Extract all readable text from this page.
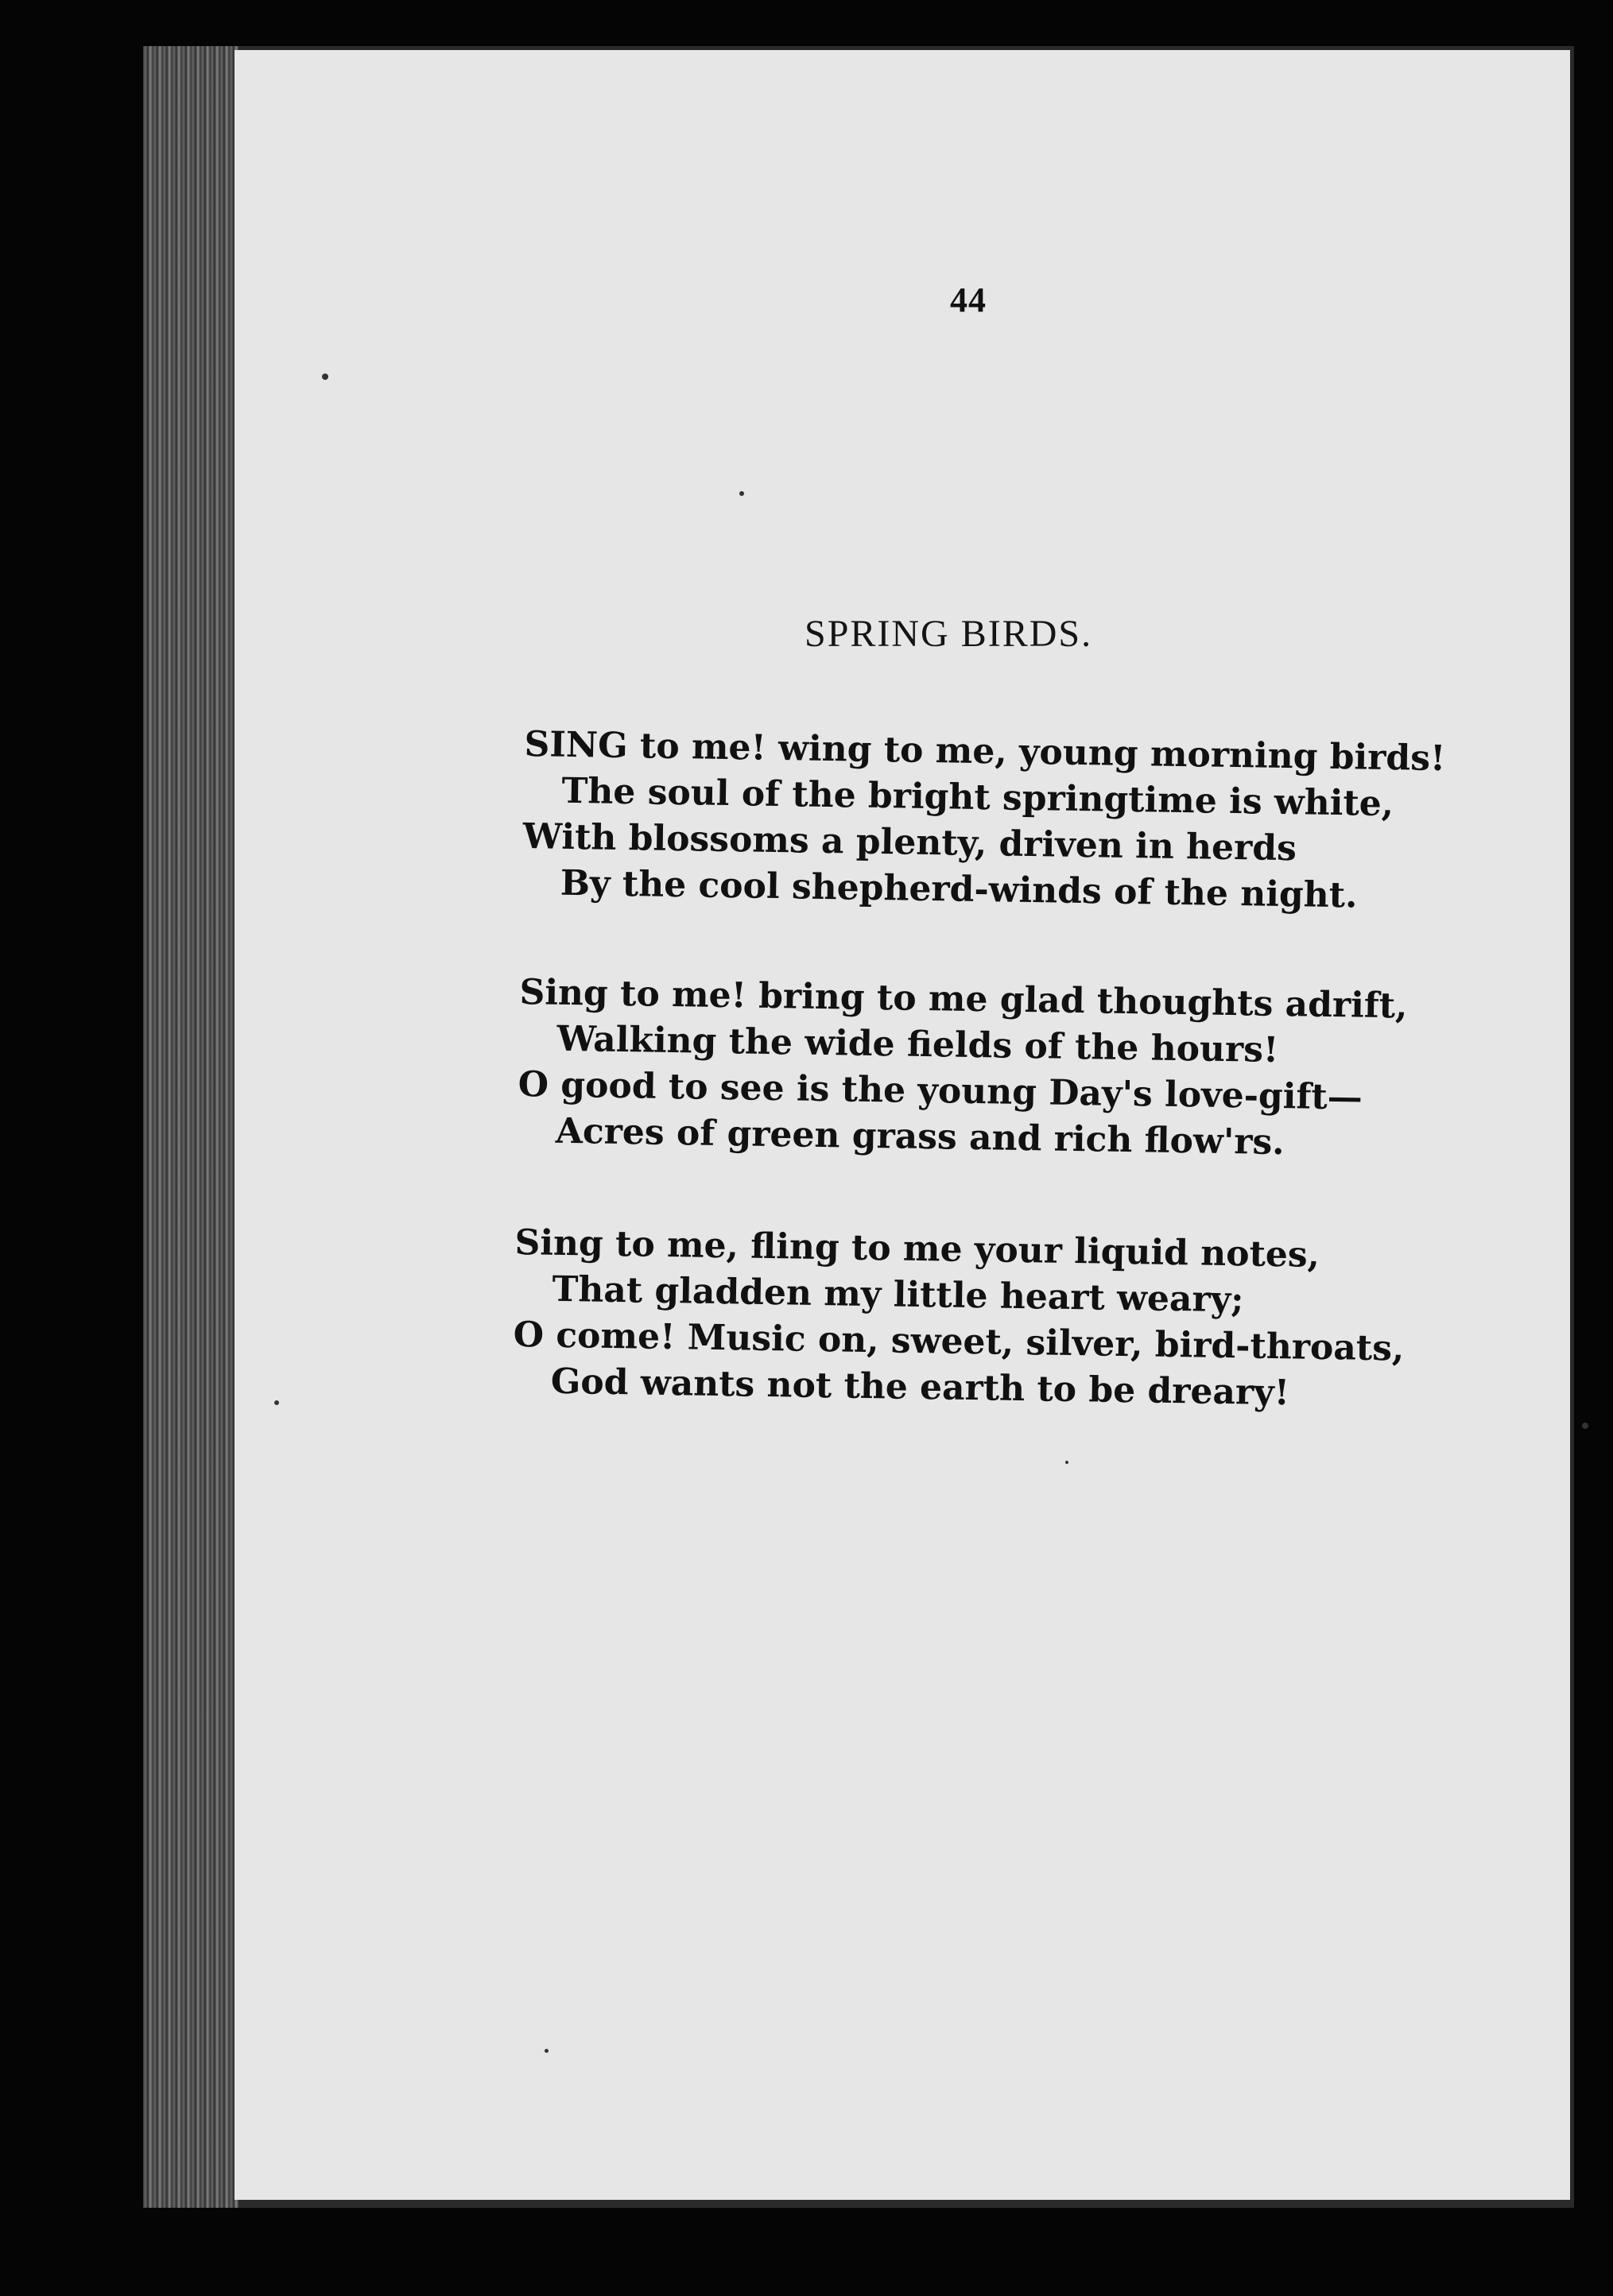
44
SPRING BIRDS.
SING to me! wing to me, young morning birds!
The soul of the bright springtime is white,
With blossoms a plenty, driven in herds
By the cool shepherd-winds of the night.
Sing to me! bring to me glad thoughts adrift,
Walking the wide fields of the hours!
O good to see is the young Day's love-gift—
Acres of green grass and rich flow'rs.
Sing to me, fling to me your liquid notes,
That gladden my little heart weary;
O come! Music on, sweet, silver, bird-throats,
God wants not the earth to be dreary!
